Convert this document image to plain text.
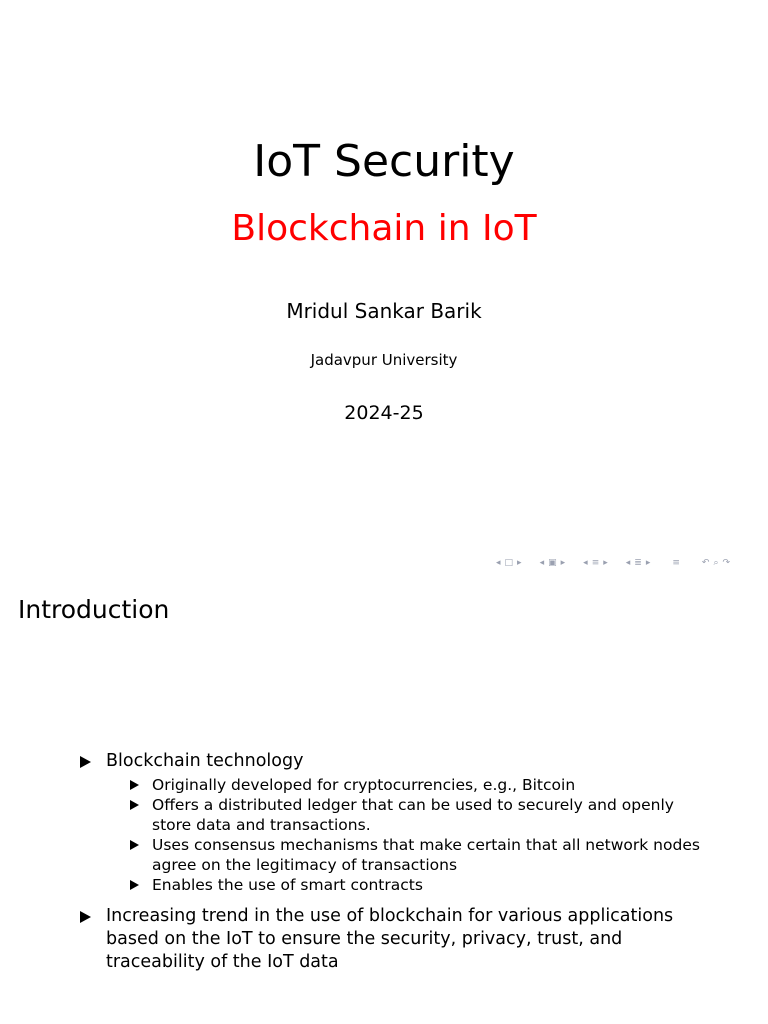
IoT Security
Blockchain in IoT
Mridul Sankar Barik
Jadavpur University
2024-25
◂ □ ▸ ◂ ▣ ▸ ◂ ≡ ▸ ◂ ≣ ▸ ≡ ↶ ⌕ ↷
Introduction
Blockchain technology
Originally developed for cryptocurrencies, e.g., Bitcoin
Offers a distributed ledger that can be used to securely and openly store data and transactions.
Uses consensus mechanisms that make certain that all network nodes agree on the legitimacy of transactions
Enables the use of smart contracts
Increasing trend in the use of blockchain for various applications based on the IoT to ensure the security, privacy, trust, and traceability of the IoT data
